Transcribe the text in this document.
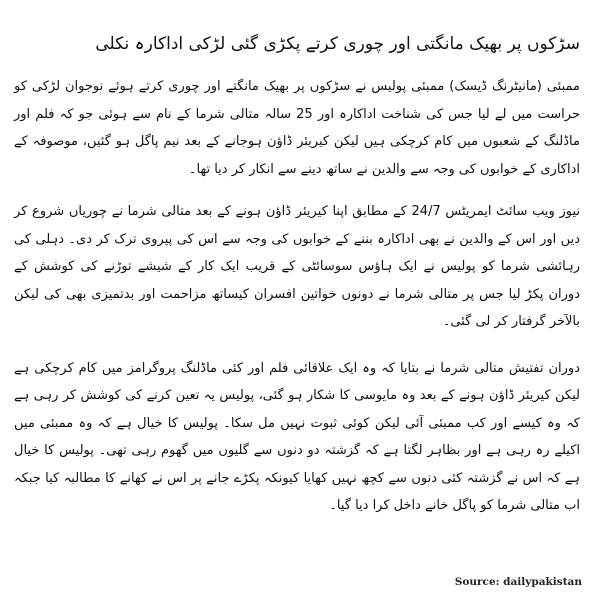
سڑکوں پر بھیک مانگتی اور چوری کرتے پکڑی گئی لڑکی اداکارہ نکلی

ممبئی (مانیٹرنگ ڈیسک) ممبئی پولیس نے سڑکوں پر بھیک مانگتے اور چوری کرتے ہوئے نوجوان لڑکی کو حراست میں لے لیا جس کی شناخت اداکارہ اور 25 سالہ متالی شرما کے نام سے ہوئی جو کہ فلم اور ماڈلنگ کے شعبوں میں کام کرچکی ہیں لیکن کیریئر ڈاؤن ہوجانے کے بعد نیم پاگل ہو گئیں، موصوفہ کے اداکاری کے خوابوں کی وجہ سے والدین نے ساتھ دینے سے انکار کر دیا تھا۔

نیوز ویب سائٹ ایمریٹس 24/7 کے مطابق اپنا کیریئر ڈاؤن ہونے کے بعد متالی شرما نے چوریاں شروع کر دیں اور اس کے والدین نے بھی اداکارہ بننے کے خوابوں کی وجہ سے اس کی پیروی ترک کر دی۔ دہلی کی رہائشی شرما کو پولیس نے ایک ہاؤس سوسائٹی کے قریب ایک کار کے شیشے توڑنے کی کوشش کے دوران پکڑ لیا جس پر متالی شرما نے دونوں خواتین افسران کیساتھ مزاحمت اور بدتمیزی بھی کی لیکن بالآخر گرفتار کر لی گئی۔

دوران تفتیش متالی شرما نے بتایا کہ وہ ایک علاقائی فلم اور کئی ماڈلنگ پروگرامز میں کام کرچکی ہے لیکن کیریئر ڈاؤن ہونے کے بعد وہ مایوسی کا شکار ہو گئی، پولیس یہ تعین کرنے کی کوشش کر رہی ہے کہ وہ کیسے اور کب ممبئی آئی لیکن کوئی ثبوت نہیں مل سکا۔ پولیس کا خیال ہے کہ وہ ممبئی میں اکیلے رہ رہی ہے اور بظاہر لگتا ہے کہ گزشتہ دو دنوں سے گلیوں میں گھوم رہی تھی۔ پولیس کا خیال ہے کہ اس نے گزشتہ کئی دنوں سے کچھ نہیں کھایا کیونکہ پکڑے جانے پر اس نے کھانے کا مطالبہ کیا جبکہ اب متالی شرما کو پاگل خانے داخل کرا دیا گیا۔

Source: dailypakistan
